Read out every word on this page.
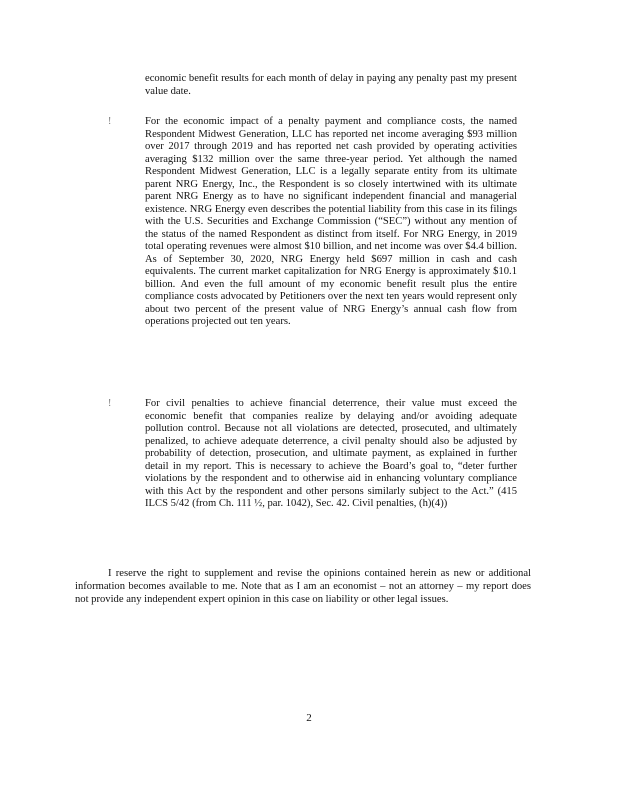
economic benefit results for each month of delay in paying any penalty past my present value date.
!	For the economic impact of a penalty payment and compliance costs, the named Respondent Midwest Generation, LLC has reported net income averaging $93 million over 2017 through 2019 and has reported net cash provided by operating activities averaging $132 million over the same three-year period. Yet although the named Respondent Midwest Generation, LLC is a legally separate entity from its ultimate parent NRG Energy, Inc., the Respondent is so closely intertwined with its ultimate parent NRG Energy as to have no significant independent financial and managerial existence. NRG Energy even describes the potential liability from this case in its filings with the U.S. Securities and Exchange Commission (“SEC”) without any mention of the status of the named Respondent as distinct from itself. For NRG Energy, in 2019 total operating revenues were almost $10 billion, and net income was over $4.4 billion. As of September 30, 2020, NRG Energy held $697 million in cash and cash equivalents. The current market capitalization for NRG Energy is approximately $10.1 billion. And even the full amount of my economic benefit result plus the entire compliance costs advocated by Petitioners over the next ten years would represent only about two percent of the present value of NRG Energy’s annual cash flow from operations projected out ten years.
!	For civil penalties to achieve financial deterrence, their value must exceed the economic benefit that companies realize by delaying and/or avoiding adequate pollution control. Because not all violations are detected, prosecuted, and ultimately penalized, to achieve adequate deterrence, a civil penalty should also be adjusted by probability of detection, prosecution, and ultimate payment, as explained in further detail in my report. This is necessary to achieve the Board’s goal to, “deter further violations by the respondent and to otherwise aid in enhancing voluntary compliance with this Act by the respondent and other persons similarly subject to the Act.” (415 ILCS 5/42 (from Ch. 111 ½, par. 1042), Sec. 42. Civil penalties, (h)(4))
I reserve the right to supplement and revise the opinions contained herein as new or additional information becomes available to me. Note that as I am an economist – not an attorney – my report does not provide any independent expert opinion in this case on liability or other legal issues.
2
